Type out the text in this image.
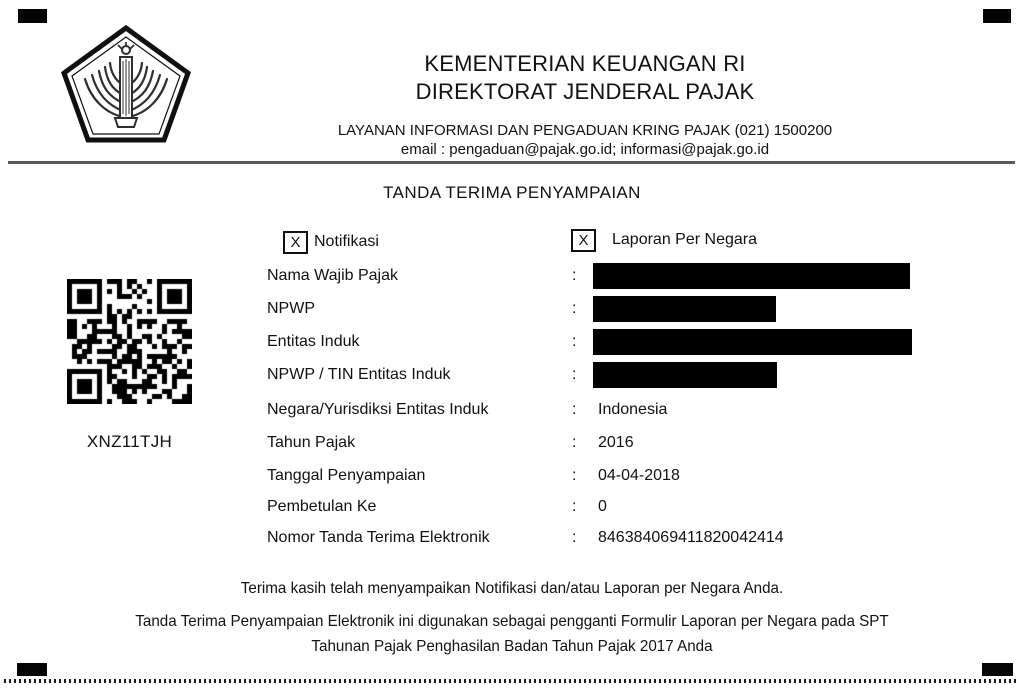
KEMENTERIAN KEUANGAN RI
DIREKTORAT JENDERAL PAJAK
LAYANAN INFORMASI DAN PENGADUAN KRING PAJAK (021) 1500200
email : pengaduan@pajak.go.id; informasi@pajak.go.id
TANDA TERIMA PENYAMPAIAN
X Notifikasi	X Laporan Per Negara
XNZ11TJH
Nama Wajib Pajak	:
NPWP	:
Entitas Induk	:
NPWP / TIN Entitas Induk	:
Negara/Yurisdiksi Entitas Induk	: Indonesia
Tahun Pajak	: 2016
Tanggal Penyampaian	: 04-04-2018
Pembetulan Ke	: 0
Nomor Tanda Terima Elektronik	: 846384069411820042414
Terima kasih telah menyampaikan Notifikasi dan/atau Laporan per Negara Anda.
Tanda Terima Penyampaian Elektronik ini digunakan sebagai pengganti Formulir Laporan per Negara pada SPT
Tahunan Pajak Penghasilan Badan Tahun Pajak 2017 Anda
